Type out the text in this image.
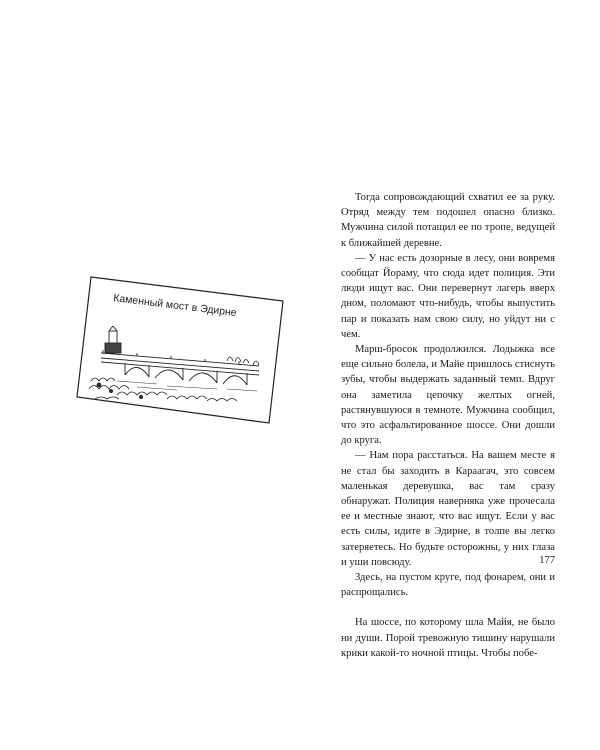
Каменный мост в Эдирне

Тогда сопровождающий схватил ее за руку. Отряд между тем подошел опасно близко. Мужчина силой потащил ее по тропе, ведущей к ближайшей деревне.

— У нас есть дозорные в лесу, они вовремя сообщат Йораму, что сюда идет полиция. Эти люди ищут вас. Они перевернут лагерь вверх дном, поломают что-нибудь, чтобы выпустить пар и показать нам свою силу, но уйдут ни с чем.

Марш-бросок продолжился. Лодыжка все еще сильно болела, и Майе пришлось стиснуть зубы, чтобы выдержать заданный темп. Вдруг она заметила цепочку желтых огней, растянувшуюся в темноте. Мужчина сообщил, что это асфальтированное шоссе. Они дошли до круга.

— Нам пора расстаться. На вашем месте я не стал бы заходить в Караагач, это совсем маленькая деревушка, вас там сразу обнаружат. Полиция наверняка уже прочесала ее и местные знают, что вас ищут. Если у вас есть силы, идите в Эдирне, в толпе вы легко затеряетесь. Но будьте осторожны, у них глаза и уши повсюду.

Здесь, на пустом круге, под фонарем, они и распрощались.

На шоссе, по которому шла Майя, не было ни души. Порой тревожную тишину нарушали крики какой-то ночной птицы. Чтобы побе-

177
